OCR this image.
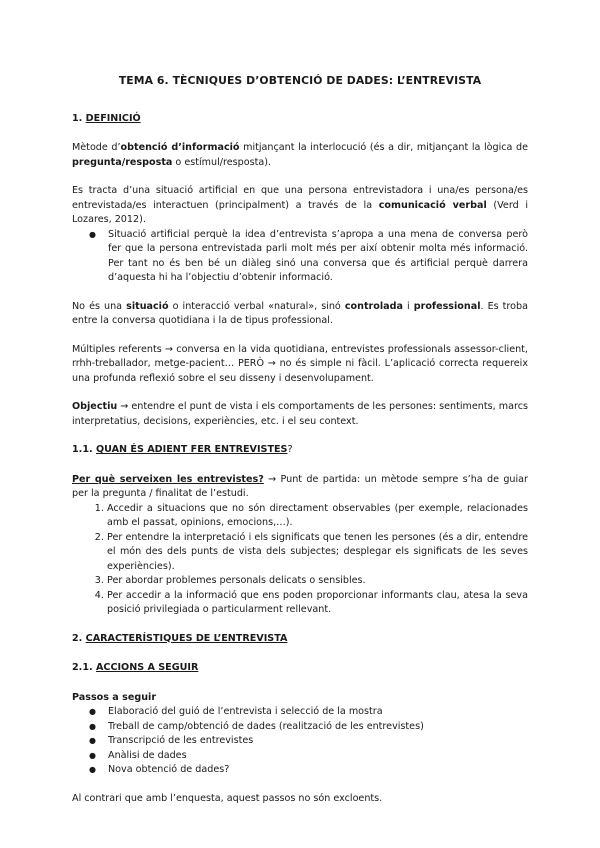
TEMA 6. TÈCNIQUES D’OBTENCIÓ DE DADES: L’ENTREVISTA
1. DEFINICIÓ

Mètode d’obtenció d’informació mitjançant la interlocució (és a dir, mitjançant la lògica de pregunta/resposta o estímul/resposta).

Es tracta d’una situació artificial en que una persona entrevistadora i una/es persona/es entrevistada/es interactuen (principalment) a través de la comunicació verbal (Verd i Lozares, 2012).

● Situació artificial perquè la idea d’entrevista s’apropa a una mena de conversa però fer que la persona entrevistada parli molt més per així obtenir molta més informació. Per tant no és ben bé un diàleg sinó una conversa que és artificial perquè darrera d’aquesta hi ha l’objectiu d’obtenir informació.

No és una situació o interacció verbal «natural», sinó controlada i professional. Es troba entre la conversa quotidiana i la de tipus professional.

Múltiples referents → conversa en la vida quotidiana, entrevistes professionals assessor-client, rrhh-treballador, metge-pacient… PERÒ → no és simple ni fàcil. L’aplicació correcta requereix una profunda reflexió sobre el seu disseny i desenvolupament.

Objectiu → entendre el punt de vista i els comportaments de les persones: sentiments, marcs interpretatius, decisions, experiències, etc. i el seu context.

1.1. QUAN ÉS ADIENT FER ENTREVISTES?

Per què serveixen les entrevistes? → Punt de partida: un mètode sempre s’ha de guiar per la pregunta / finalitat de l’estudi.

1. Accedir a situacions que no són directament observables (per exemple, relacionades amb el passat, opinions, emocions,…).
2. Per entendre la interpretació i els significats que tenen les persones (és a dir, entendre el món des dels punts de vista dels subjectes; desplegar els significats de les seves experiències).
3. Per abordar problemes personals delicats o sensibles.
4. Per accedir a la informació que ens poden proporcionar informants clau, atesa la seva posició privilegiada o particularment rellevant.
2. CARACTERÍSTIQUES DE L’ENTREVISTA
2.1. ACCIONS A SEGUIR
Passos a seguir
● Elaboració del guió de l’entrevista i selecció de la mostra
● Treball de camp/obtenció de dades (realització de les entrevistes)
● Transcripció de les entrevistes
● Anàlisi de dades
● Nova obtenció de dades?

Al contrari que amb l’enquesta, aquest passos no són excloents.
